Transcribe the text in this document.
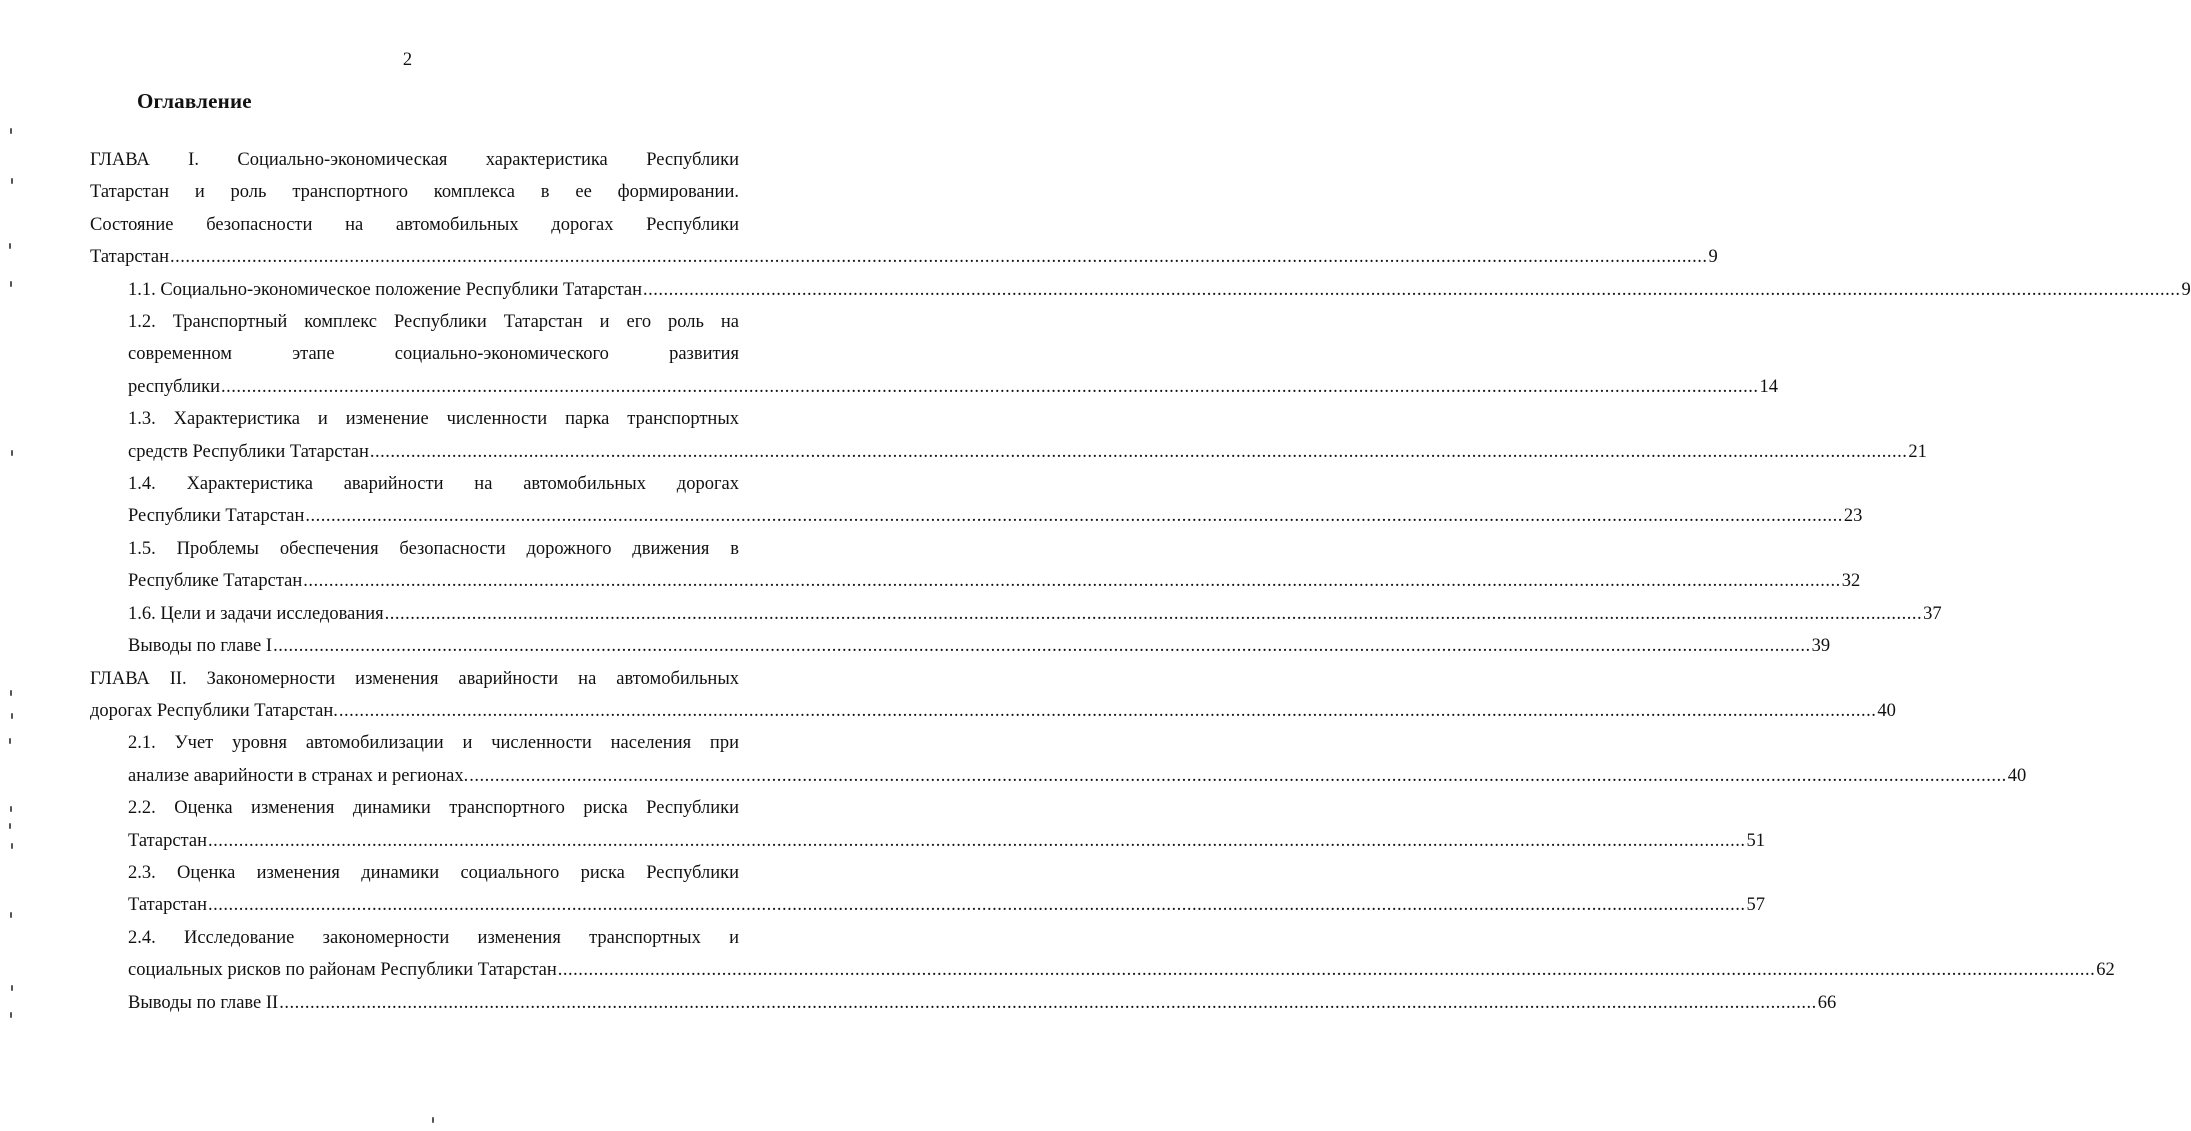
2
Оглавление
ГЛАВА I. Социально-экономическая характеристика Республики
Татарстан и роль транспортного комплекса в ее формировании.
Состояние безопасности на автомобильных дорогах Республики
Татарстан ............................................................................................................................................................................................................................................................................................................ 9
1.1. Социально-экономическое положение Республики Татарстан ............................................................................................................................................................................................................................................................................................................ 9
1.2. Транспортный комплекс Республики Татарстан и его роль на
современном этапе социально-экономического развития
республики ............................................................................................................................................................................................................................................................................................................ 14
1.3. Характеристика и изменение численности парка транспортных
средств Республики Татарстан ............................................................................................................................................................................................................................................................................................................ 21
1.4. Характеристика аварийности на автомобильных дорогах
Республики Татарстан ............................................................................................................................................................................................................................................................................................................ 23
1.5. Проблемы обеспечения безопасности дорожного движения в
Республике Татарстан ............................................................................................................................................................................................................................................................................................................ 32
1.6. Цели и задачи исследования ............................................................................................................................................................................................................................................................................................................ 37
Выводы по главе I ............................................................................................................................................................................................................................................................................................................ 39
ГЛАВА II. Закономерности изменения аварийности на автомобильных
дорогах Республики Татарстан. ............................................................................................................................................................................................................................................................................................................ 40
2.1. Учет уровня автомобилизации и численности населения при
анализе аварийности в странах и регионах. ............................................................................................................................................................................................................................................................................................................ 40
2.2. Оценка изменения динамики транспортного риска Республики
Татарстан ............................................................................................................................................................................................................................................................................................................ 51
2.3. Оценка изменения динамики социального риска Республики
Татарстан ............................................................................................................................................................................................................................................................................................................ 57
2.4. Исследование закономерности изменения транспортных и
социальных рисков по районам Республики Татарстан ............................................................................................................................................................................................................................................................................................................ 62
Выводы по главе II ............................................................................................................................................................................................................................................................................................................ 66
